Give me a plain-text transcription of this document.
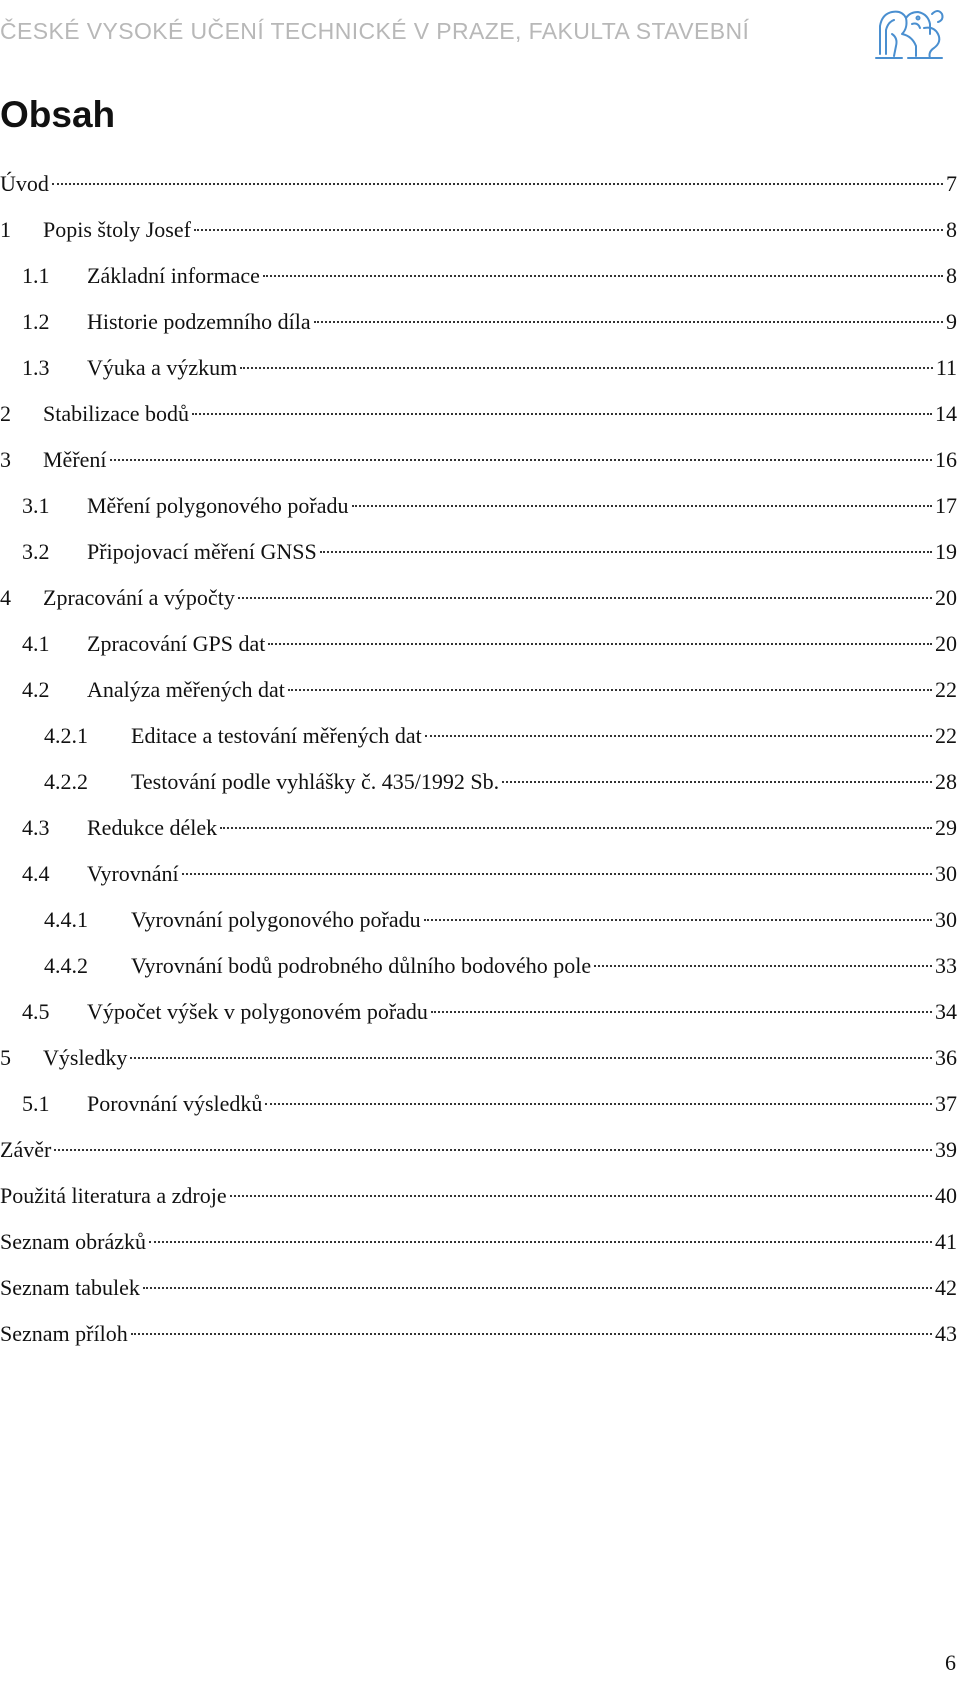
ČESKÉ VYSOKÉ UČENÍ TECHNICKÉ V PRAZE, FAKULTA STAVEBNÍ
Obsah
Úvod	7
1	Popis štoly Josef	8
1.1	Základní informace	8
1.2	Historie podzemního díla	9
1.3	Výuka a výzkum	11
2	Stabilizace bodů	14
3	Měření	16
3.1	Měření polygonového pořadu	17
3.2	Připojovací měření GNSS	19
4	Zpracování a výpočty	20
4.1	Zpracování GPS dat	20
4.2	Analýza měřených dat	22
4.2.1	Editace a testování měřených dat	22
4.2.2	Testování podle vyhlášky č. 435/1992 Sb.	28
4.3	Redukce délek	29
4.4	Vyrovnání	30
4.4.1	Vyrovnání polygonového pořadu	30
4.4.2	Vyrovnání bodů podrobného důlního bodového pole	33
4.5	Výpočet výšek v polygonovém pořadu	34
5	Výsledky	36
5.1	Porovnání výsledků	37
Závěr	39
Použitá literatura a zdroje	40
Seznam obrázků	41
Seznam tabulek	42
Seznam příloh	43
6
